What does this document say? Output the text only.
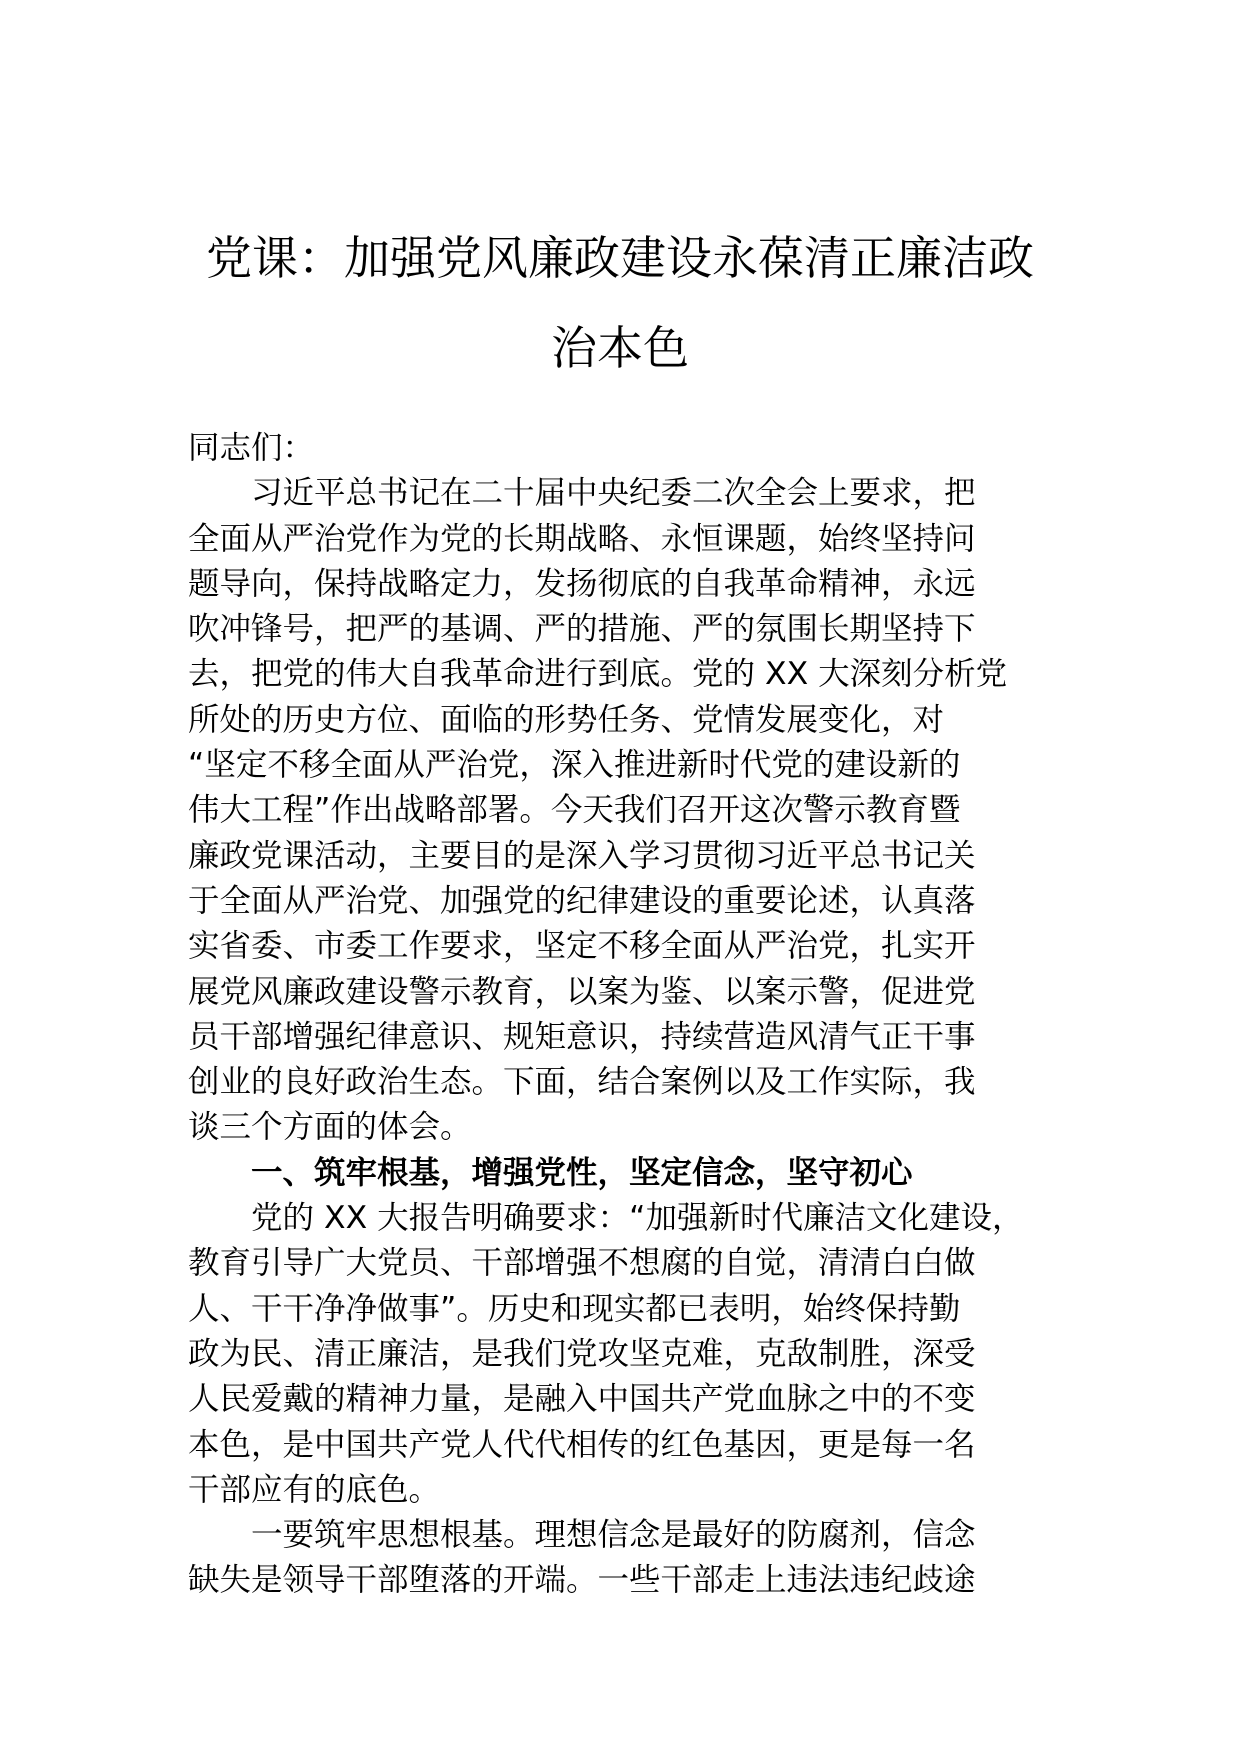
党课：加强党风廉政建设永葆清正廉洁政
治本色
同志们：
习近平总书记在二十届中央纪委二次全会上要求，把
全面从严治党作为党的长期战略、永恒课题，始终坚持问
题导向，保持战略定力，发扬彻底的自我革命精神，永远
吹冲锋号，把严的基调、严的措施、严的氛围长期坚持下
去，把党的伟大自我革命进行到底。党的 XX 大深刻分析党
所处的历史方位、面临的形势任务、党情发展变化，对
“坚定不移全面从严治党，深入推进新时代党的建设新的
伟大工程”作出战略部署。今天我们召开这次警示教育暨
廉政党课活动，主要目的是深入学习贯彻习近平总书记关
于全面从严治党、加强党的纪律建设的重要论述，认真落
实省委、市委工作要求，坚定不移全面从严治党，扎实开
展党风廉政建设警示教育，以案为鉴、以案示警，促进党
员干部增强纪律意识、规矩意识，持续营造风清气正干事
创业的良好政治生态。下面，结合案例以及工作实际，我
谈三个方面的体会。
一、筑牢根基，增强党性，坚定信念，坚守初心
党的 XX 大报告明确要求：“加强新时代廉洁文化建设，
教育引导广大党员、干部增强不想腐的自觉，清清白白做
人、干干净净做事”。历史和现实都已表明，始终保持勤
政为民、清正廉洁，是我们党攻坚克难，克敌制胜，深受
人民爱戴的精神力量，是融入中国共产党血脉之中的不变
本色，是中国共产党人代代相传的红色基因，更是每一名
干部应有的底色。
一要筑牢思想根基。理想信念是最好的防腐剂，信念
缺失是领导干部堕落的开端。一些干部走上违法违纪歧途
